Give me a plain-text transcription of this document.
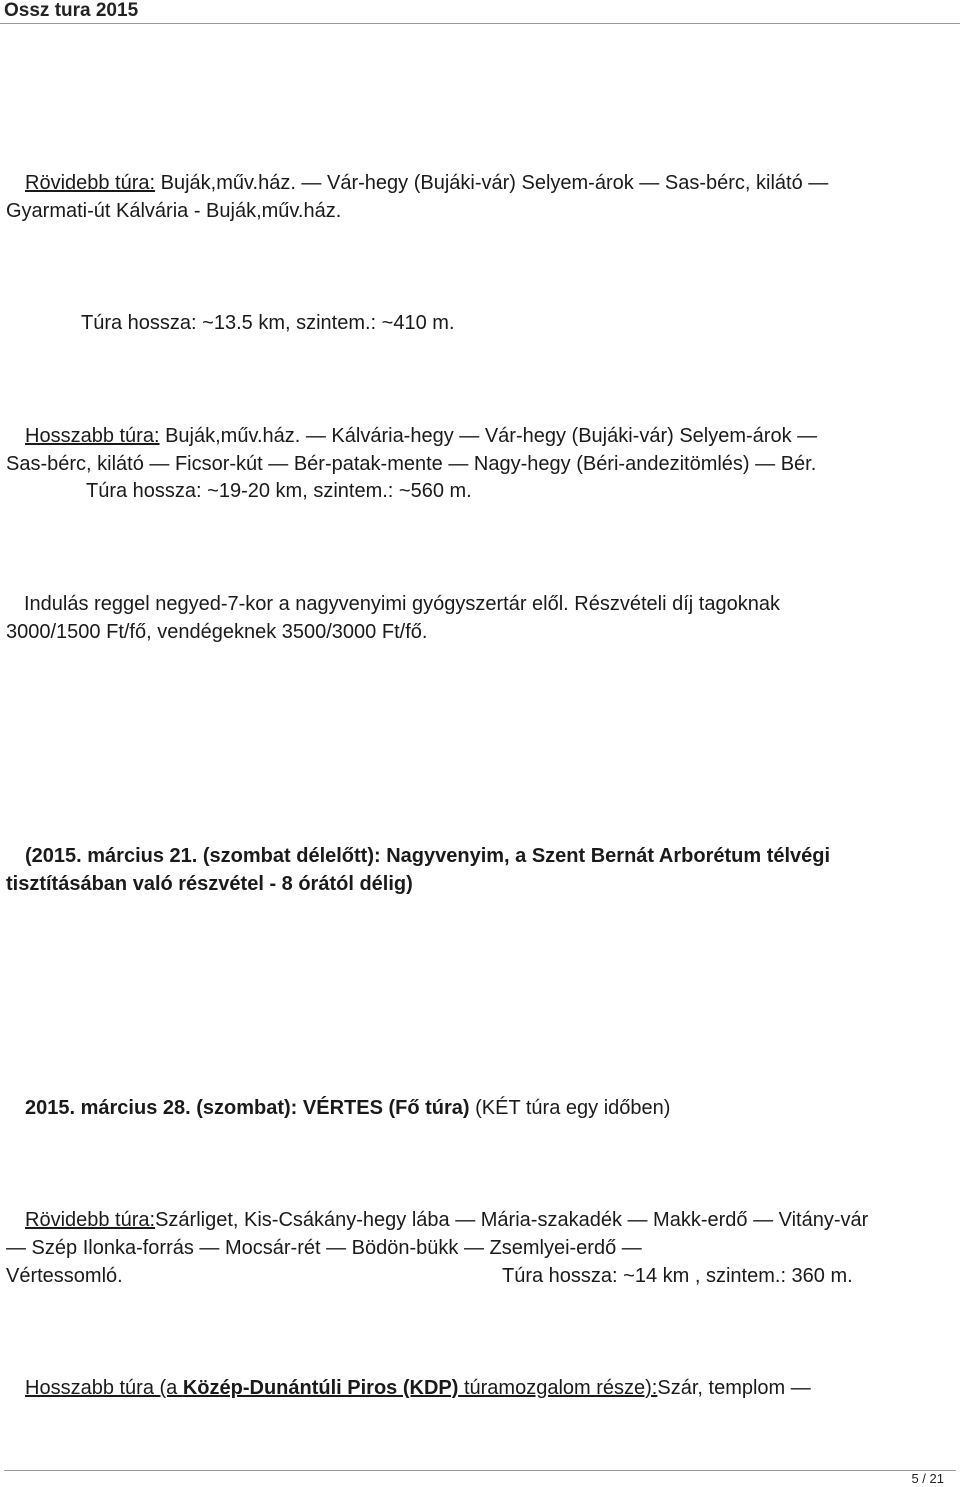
Ossz tura 2015
Rövidebb túra: Buják,műv.ház. — Vár-hegy (Bujáki-vár) Selyem-árok — Sas-bérc, kilátó —
Gyarmati-út Kálvária - Buják,műv.ház.
Túra hossza: ~13.5 km, szintem.: ~410 m.
Hosszabb túra: Buják,műv.ház. — Kálvária-hegy — Vár-hegy (Bujáki-vár) Selyem-árok —
Sas-bérc, kilátó — Ficsor-kút — Bér-patak-mente — Nagy-hegy (Béri-andezitömlés) — Bér.
Túra hossza: ~19-20 km, szintem.: ~560 m.
Indulás reggel negyed-7-kor a nagyvenyimi gyógyszertár elől. Részvételi díj tagoknak
3000/1500 Ft/fő, vendégeknek 3500/3000 Ft/fő.
(2015. március 21. (szombat délelőtt): Nagyvenyim, a Szent Bernát Arborétum télvégi
tisztításában való részvétel - 8 órától délig)
2015. március 28. (szombat): VÉRTES (Fő túra) (KÉT túra egy időben)
Rövidebb túra:Szárliget, Kis-Csákány-hegy lába — Mária-szakadék — Makk-erdő — Vitány-vár
— Szép Ilonka-forrás — Mocsár-rét — Bödön-bükk — Zsemlyei-erdő —
Vértessomló.	Túra hossza: ~14 km , szintem.: 360 m.
Hosszabb túra (a Közép-Dunántúli Piros (KDP) túramozgalom része):Szár, templom —
5 / 21
